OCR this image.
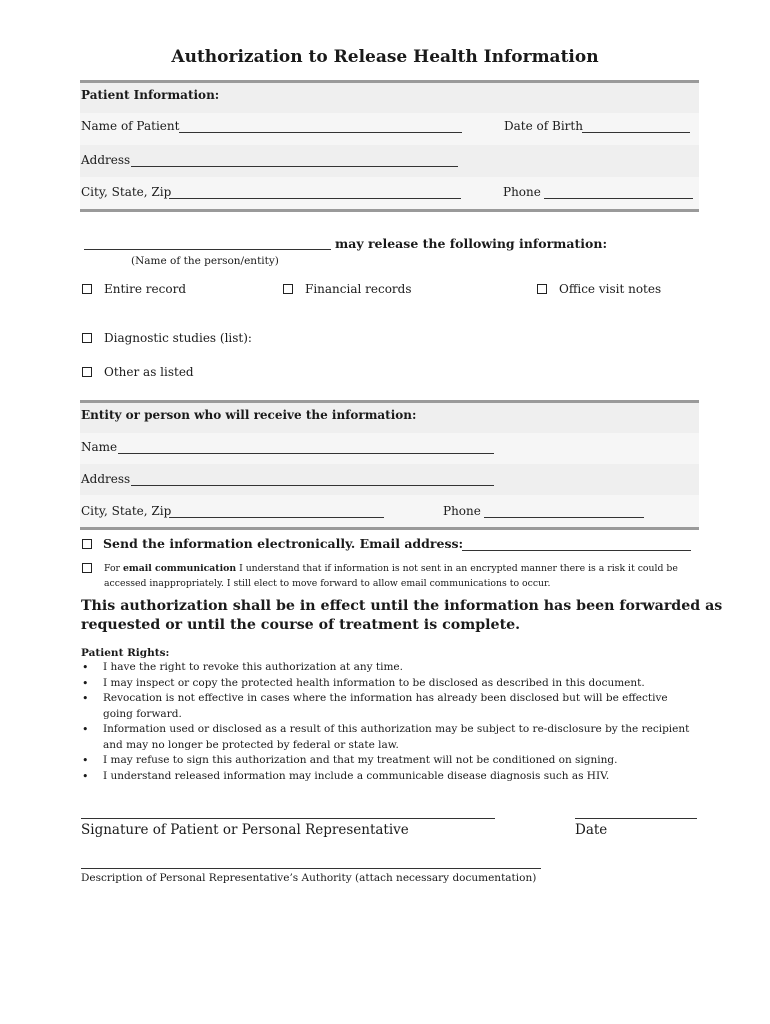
Authorization to Release Health Information
Patient Information:
Name of Patient	Date of Birth
Address
City, State, Zip	Phone
may release the following information:
(Name of the person/entity)
Entire record	Financial records	Office visit notes
Diagnostic studies (list):
Other as listed
Entity or person who will receive the information:
Name
Address
City, State, Zip	Phone
Send the information electronically. Email address:
For email communication I understand that if information is not sent in an encrypted manner there is a risk it could be
accessed inappropriately. I still elect to move forward to allow email communications to occur.
This authorization shall be in effect until the information has been forwarded as
requested or until the course of treatment is complete.
Patient Rights:
• I have the right to revoke this authorization at any time.
• I may inspect or copy the protected health information to be disclosed as described in this document.
• Revocation is not effective in cases where the information has already been disclosed but will be effective going forward.
• Information used or disclosed as a result of this authorization may be subject to re-disclosure by the recipient and may no longer be protected by federal or state law.
• I may refuse to sign this authorization and that my treatment will not be conditioned on signing.
• I understand released information may include a communicable disease diagnosis such as HIV.
Signature of Patient or Personal Representative	Date
Description of Personal Representative’s Authority (attach necessary documentation)
